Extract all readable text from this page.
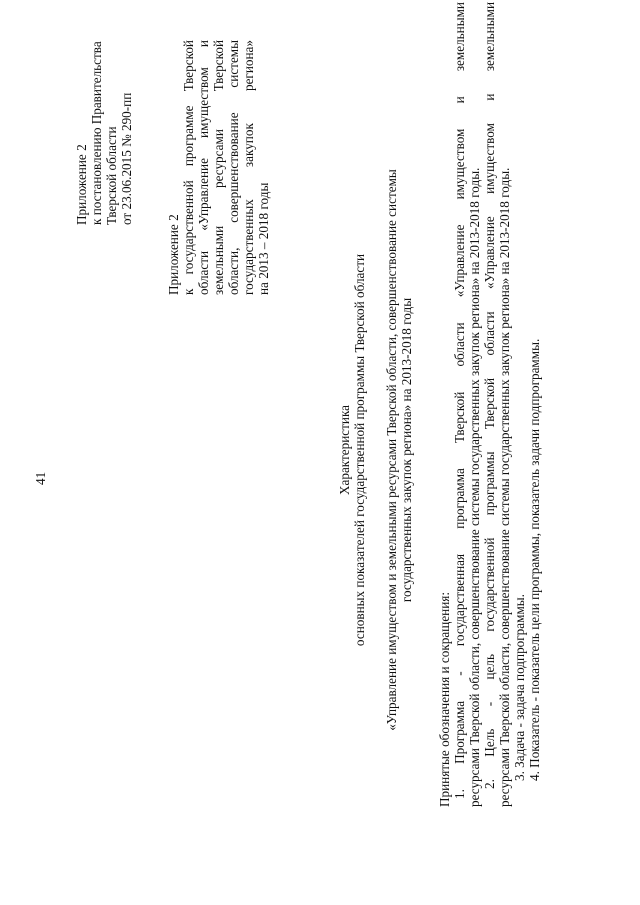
41
Приложение 2 к постановлению Правительства Тверской области от 23.06.2015 № 290-пп
Приложение 2 к государственной программе Тверской области «Управление имуществом и земельными ресурсами Тверской области, совершенствование системы государственных закупок региона» на 2013 – 2018 годы
Характеристика основных показателей государственной программы Тверской области «Управление имуществом и земельными ресурсами Тверской области, совершенствование системы государственных закупок региона» на 2013-2018 годы
Принятые обозначения и сокращения: 1. Программа - государственная программа Тверской области «Управление имуществом и земельными ресурсами Тверской области, совершенствование системы государственных закупок региона» на 2013-2018 годы. 2. Цель - цель государственной программы Тверской области «Управление имуществом и земельными ресурсами Тверской области, совершенствование системы государственных закупок региона» на 2013-2018 годы. 3. Задача - задача подпрограммы. 4. Показатель - показатель цели программы, показатель задачи подпрограммы.
